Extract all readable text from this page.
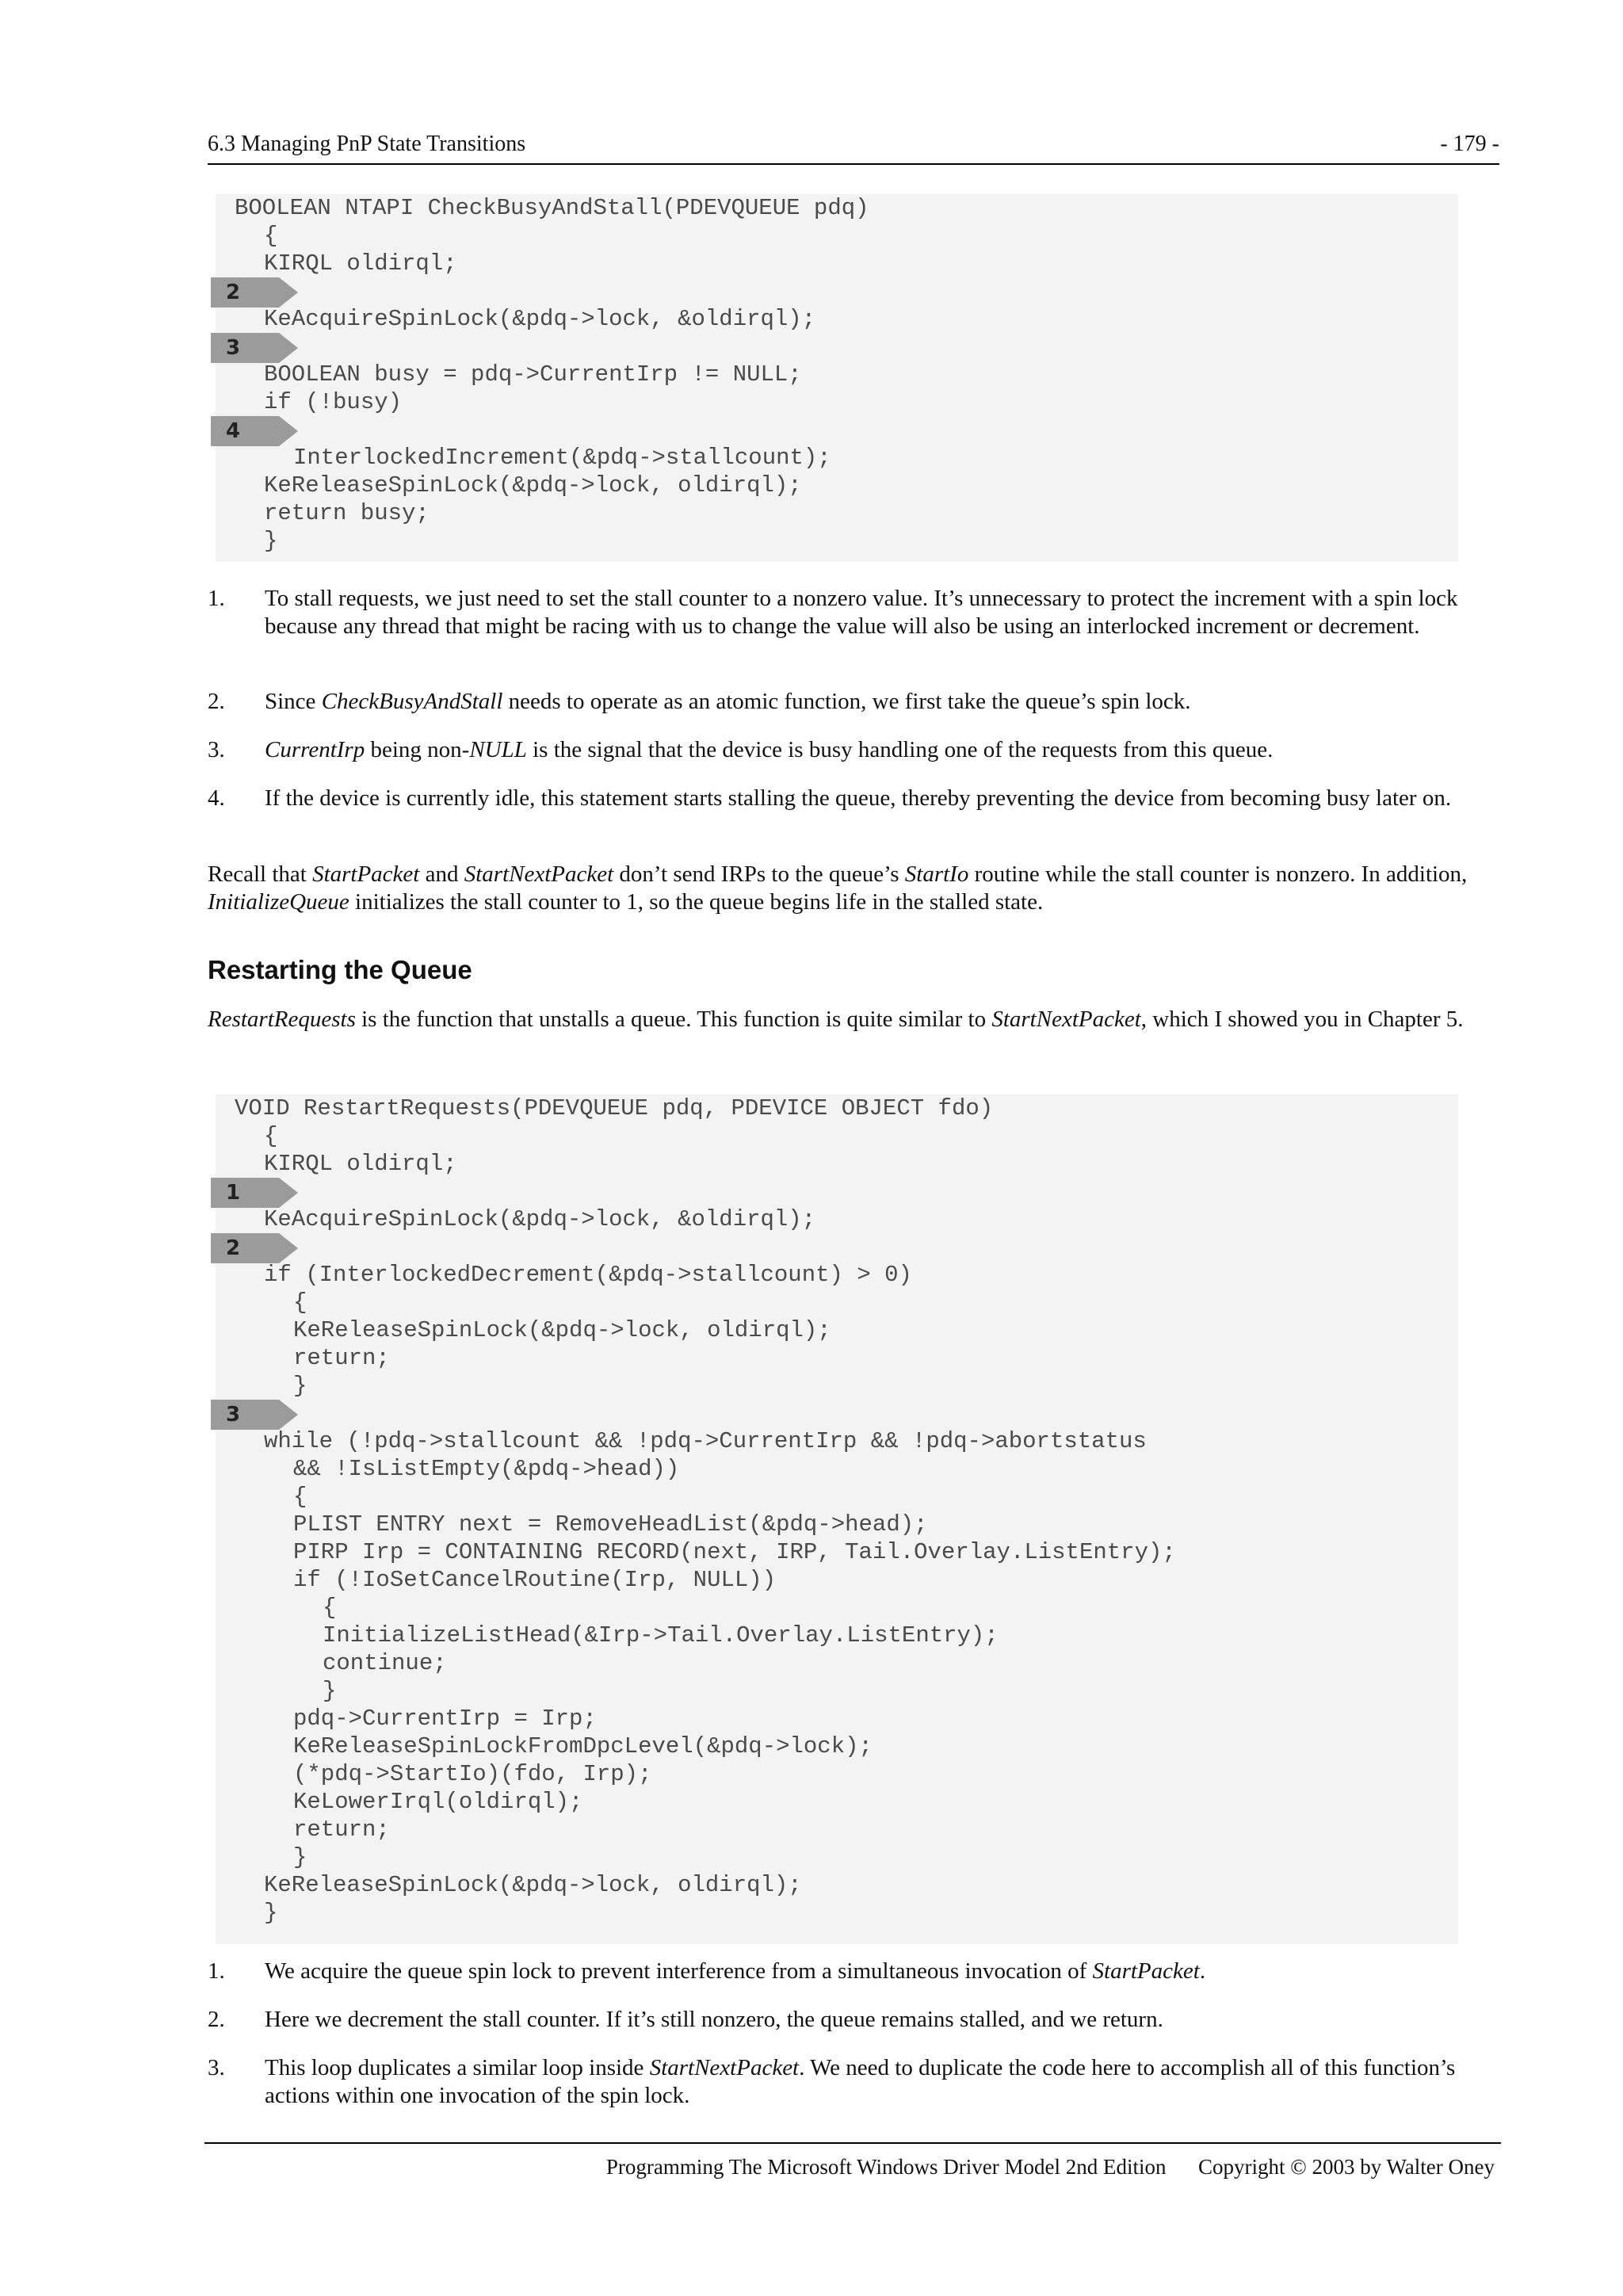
6.3 Managing PnP State Transitions	- 179 -
BOOLEAN NTAPI CheckBusyAndStall(PDEVQUEUE pdq)
{
KIRQL oldirql;
KeAcquireSpinLock(&pdq->lock, &oldirql);
BOOLEAN busy = pdq->CurrentIrp != NULL;
if (!busy)
InterlockedIncrement(&pdq->stallcount);
KeReleaseSpinLock(&pdq->lock, oldirql);
return busy;
}
2
3
4
1. To stall requests, we just need to set the stall counter to a nonzero value. It’s unnecessary to protect the increment with a spin lock because any thread that might be racing with us to change the value will also be using an interlocked increment or decrement.
2. Since CheckBusyAndStall needs to operate as an atomic function, we first take the queue’s spin lock.
3. CurrentIrp being non-NULL is the signal that the device is busy handling one of the requests from this queue.
4. If the device is currently idle, this statement starts stalling the queue, thereby preventing the device from becoming busy later on.
Recall that StartPacket and StartNextPacket don’t send IRPs to the queue’s StartIo routine while the stall counter is nonzero. In addition, InitializeQueue initializes the stall counter to 1, so the queue begins life in the stalled state.
Restarting the Queue
RestartRequests is the function that unstalls a queue. This function is quite similar to StartNextPacket, which I showed you in Chapter 5.
VOID RestartRequests(PDEVQUEUE pdq, PDEVICE OBJECT fdo)
{
KIRQL oldirql;
KeAcquireSpinLock(&pdq->lock, &oldirql);
if (InterlockedDecrement(&pdq->stallcount) > 0)
{
KeReleaseSpinLock(&pdq->lock, oldirql);
return;
}
while (!pdq->stallcount && !pdq->CurrentIrp && !pdq->abortstatus
&& !IsListEmpty(&pdq->head))
{
PLIST ENTRY next = RemoveHeadList(&pdq->head);
PIRP Irp = CONTAINING RECORD(next, IRP, Tail.Overlay.ListEntry);
if (!IoSetCancelRoutine(Irp, NULL))
{
InitializeListHead(&Irp->Tail.Overlay.ListEntry);
continue;
}
pdq->CurrentIrp = Irp;
KeReleaseSpinLockFromDpcLevel(&pdq->lock);
(*pdq->StartIo)(fdo, Irp);
KeLowerIrql(oldirql);
return;
}
KeReleaseSpinLock(&pdq->lock, oldirql);
}
1
2
3
1. We acquire the queue spin lock to prevent interference from a simultaneous invocation of StartPacket.
2. Here we decrement the stall counter. If it’s still nonzero, the queue remains stalled, and we return.
3. This loop duplicates a similar loop inside StartNextPacket. We need to duplicate the code here to accomplish all of this function’s actions within one invocation of the spin lock.
Programming The Microsoft Windows Driver Model 2nd Edition Copyright © 2003 by Walter Oney
